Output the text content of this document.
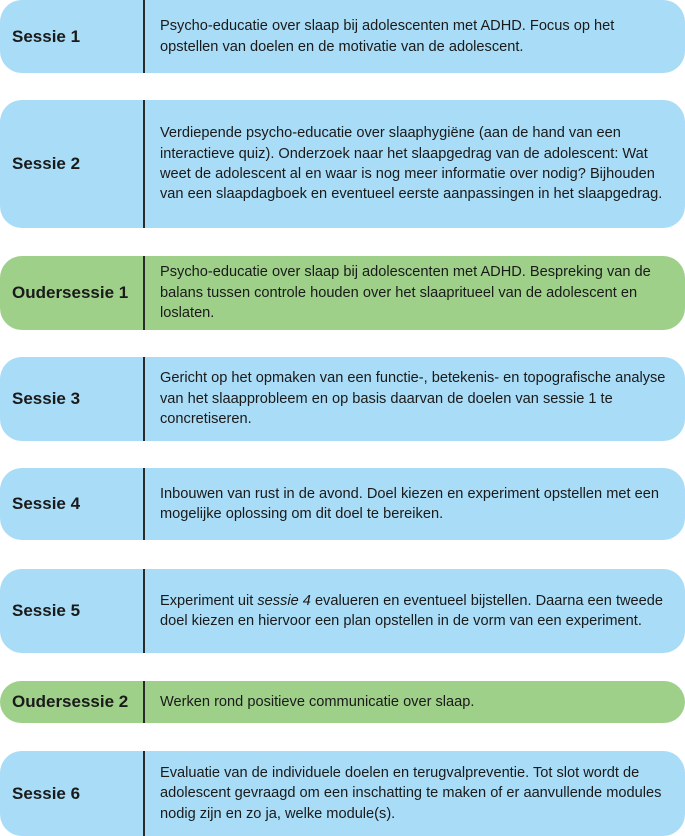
Sessie 1
Psycho-educatie over slaap bij adolescenten met ADHD. Focus op het opstellen van doelen en de motivatie van de adolescent.
Sessie 2
Verdiepende psycho-educatie over slaaphygiëne (aan de hand van een interactieve quiz). Onderzoek naar het slaapgedrag van de adolescent: Wat weet de adolescent al en waar is nog meer informatie over nodig? Bijhouden van een slaapdagboek en eventueel eerste aanpassingen in het slaapgedrag.
Oudersessie 1
Psycho-educatie over slaap bij adolescenten met ADHD. Bespreking van de balans tussen controle houden over het slaapritueel van de adolescent en loslaten.
Sessie 3
Gericht op het opmaken van een functie-, betekenis- en topografische analyse van het slaapprobleem en op basis daarvan de doelen van sessie 1 te concretiseren.
Sessie 4
Inbouwen van rust in de avond. Doel kiezen en experiment opstellen met een mogelijke oplossing om dit doel te bereiken.
Sessie 5
Experiment uit sessie 4 evalueren en eventueel bijstellen. Daarna een tweede doel kiezen en hiervoor een plan opstellen in de vorm van een experiment.
Oudersessie 2	Werken rond positieve communicatie over slaap.
Sessie 6
Evaluatie van de individuele doelen en terugvalpreventie. Tot slot wordt de adolescent gevraagd om een inschatting te maken of er aanvullende modules nodig zijn en zo ja, welke module(s).
